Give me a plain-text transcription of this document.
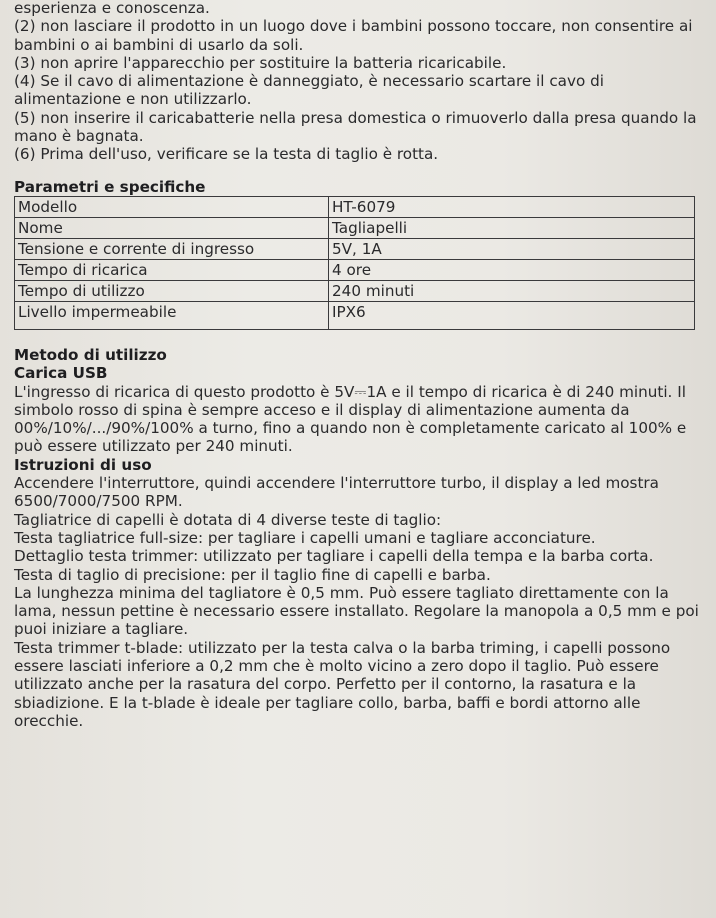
esperienza e conoscenza.

(2) non lasciare il prodotto in un luogo dove i bambini possono toccare, non consentire ai bambini o ai bambini di usarlo da soli.

(3) non aprire l'apparecchio per sostituire la batteria ricaricabile.

(4) Se il cavo di alimentazione è danneggiato, è necessario scartare il cavo di alimentazione e non utilizzarlo.

(5) non inserire il caricabatterie nella presa domestica o rimuoverlo dalla presa quando la mano è bagnata.

(6) Prima dell'uso, verificare se la testa di taglio è rotta.

Parametri e specifiche

Modello	HT-6079
Nome	Tagliapelli
Tensione e corrente di ingresso	5V, 1A
Tempo di ricarica	4 ore
Tempo di utilizzo	240 minuti
Livello impermeabile	IPX6

Metodo di utilizzo

Carica USB

L'ingresso di ricarica di questo prodotto è 5V⎓1A e il tempo di ricarica è di 240 minuti. Il simbolo rosso di spina è sempre acceso e il display di alimentazione aumenta da 00%/10%/.../90%/100% a turno, fino a quando non è completamente caricato al 100% e può essere utilizzato per 240 minuti.

Istruzioni di uso

Accendere l'interruttore, quindi accendere l'interruttore turbo, il display a led mostra 6500/7000/7500 RPM.

Tagliatrice di capelli è dotata di 4 diverse teste di taglio:

Testa tagliatrice full-size: per tagliare i capelli umani e tagliare acconciature.

Dettaglio testa trimmer: utilizzato per tagliare i capelli della tempa e la barba corta.

Testa di taglio di precisione: per il taglio fine di capelli e barba.

La lunghezza minima del tagliatore è 0,5 mm. Può essere tagliato direttamente con la lama, nessun pettine è necessario essere installato. Regolare la manopola a 0,5 mm e poi puoi iniziare a tagliare.

Testa trimmer t-blade: utilizzato per la testa calva o la barba triming, i capelli possono essere lasciati inferiore a 0,2 mm che è molto vicino a zero dopo il taglio. Può essere utilizzato anche per la rasatura del corpo. Perfetto per il contorno, la rasatura e la sbiadizione. E la t-blade è ideale per tagliare collo, barba, baffi e bordi attorno alle orecchie.
